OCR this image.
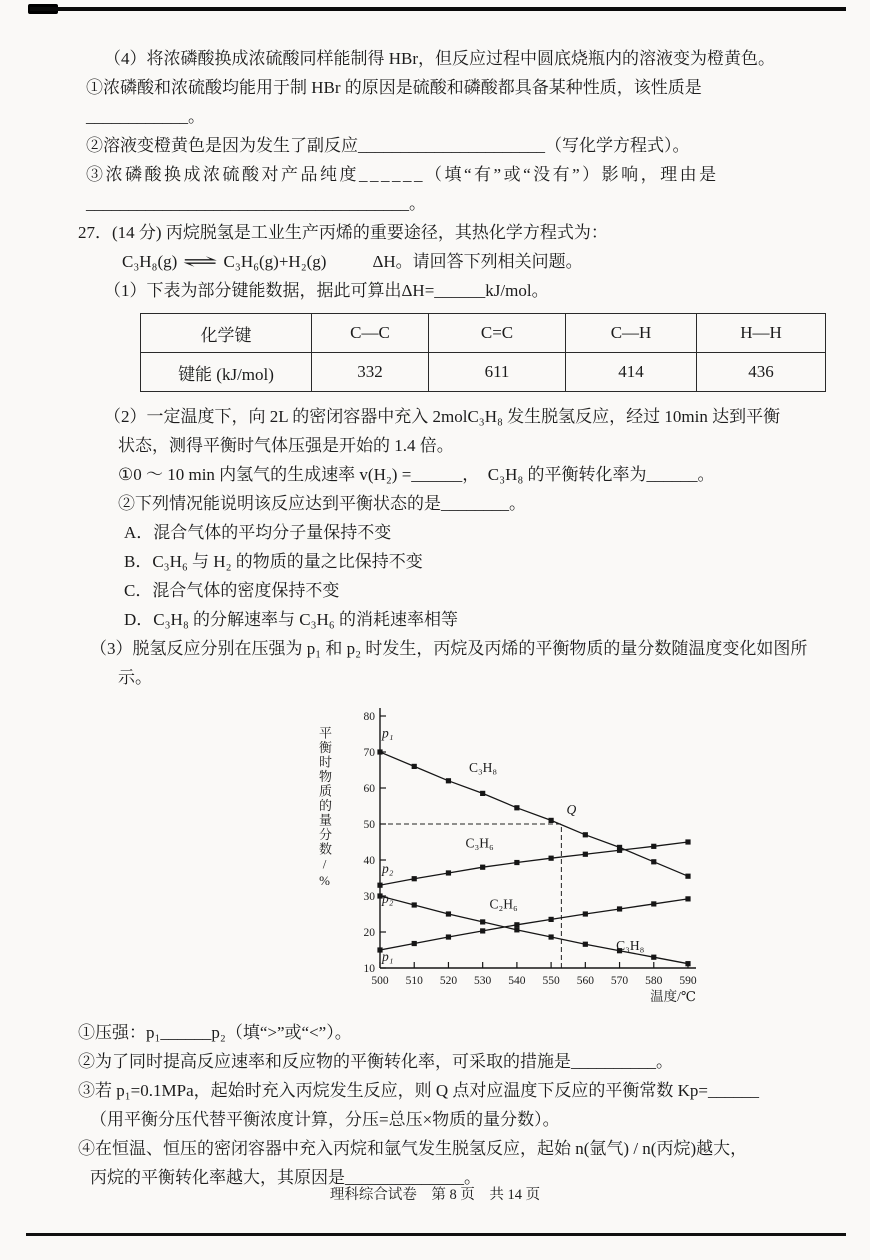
（4）将浓磷酸换成浓硫酸同样能制得 HBr，但反应过程中圆底烧瓶内的溶液变为橙黄色。
①浓磷酸和浓硫酸均能用于制 HBr 的原因是硫酸和磷酸都具备某种性质，该性质是
____________。
②溶液变橙黄色是因为发生了副反应______________________（写化学方程式）。
③浓磷酸换成浓硫酸对产品纯度______（填“有”或“没有”）影响，理由是
______________________________________。
27．(14 分) 丙烷脱氢是工业生产丙烯的重要途径，其热化学方程式为：
C₃H₈(g) ⇌ C₃H₆(g)+H₂(g)	ΔH。请回答下列相关问题。
（1）下表为部分键能数据，据此可算出ΔH=______kJ/mol。
化学键	C—C	C=C	C—H	H—H
键能 (kJ/mol)	332	611	414	436
（2）一定温度下，向 2L 的密闭容器中充入 2molC₃H₈ 发生脱氢反应，经过 10min 达到平衡
状态，测得平衡时气体压强是开始的 1.4 倍。
①0 ～ 10 min 内氢气的生成速率 v(H₂) =______，　C₃H₈ 的平衡转化率为______。
②下列情况能说明该反应达到平衡状态的是________。
A．混合气体的平均分子量保持不变
B．C₃H₆ 与 H₂ 的物质的量之比保持不变
C．混合气体的密度保持不变
D．C₃H₈ 的分解速率与 C₃H₆ 的消耗速率相等
（3）脱氢反应分别在压强为 p₁ 和 p₂ 时发生，丙烷及丙烯的平衡物质的量分数随温度变化如图所
示。
平衡时物质的量分数/%
10
20
30
40
50
60
70
80
500 510 520 530 540 550 560 570 580 590
温度/℃
p₁
C₃H₈
p₂
p₂
C₃H₆
C₂H₆
C₃H₈
p₁
Q
①压强：p₁______p₂（填“>”或“<”）。
②为了同时提高反应速率和反应物的平衡转化率，可采取的措施是__________。
③若 p₁=0.1MPa，起始时充入丙烷发生反应，则 Q 点对应温度下反应的平衡常数 Kp=______
（用平衡分压代替平衡浓度计算，分压=总压×物质的量分数）。
④在恒温、恒压的密闭容器中充入丙烷和氩气发生脱氢反应，起始 n(氩气) / n(丙烷)越大，
丙烷的平衡转化率越大，其原因是______________。
理科综合试卷　第 8 页　共 14 页
